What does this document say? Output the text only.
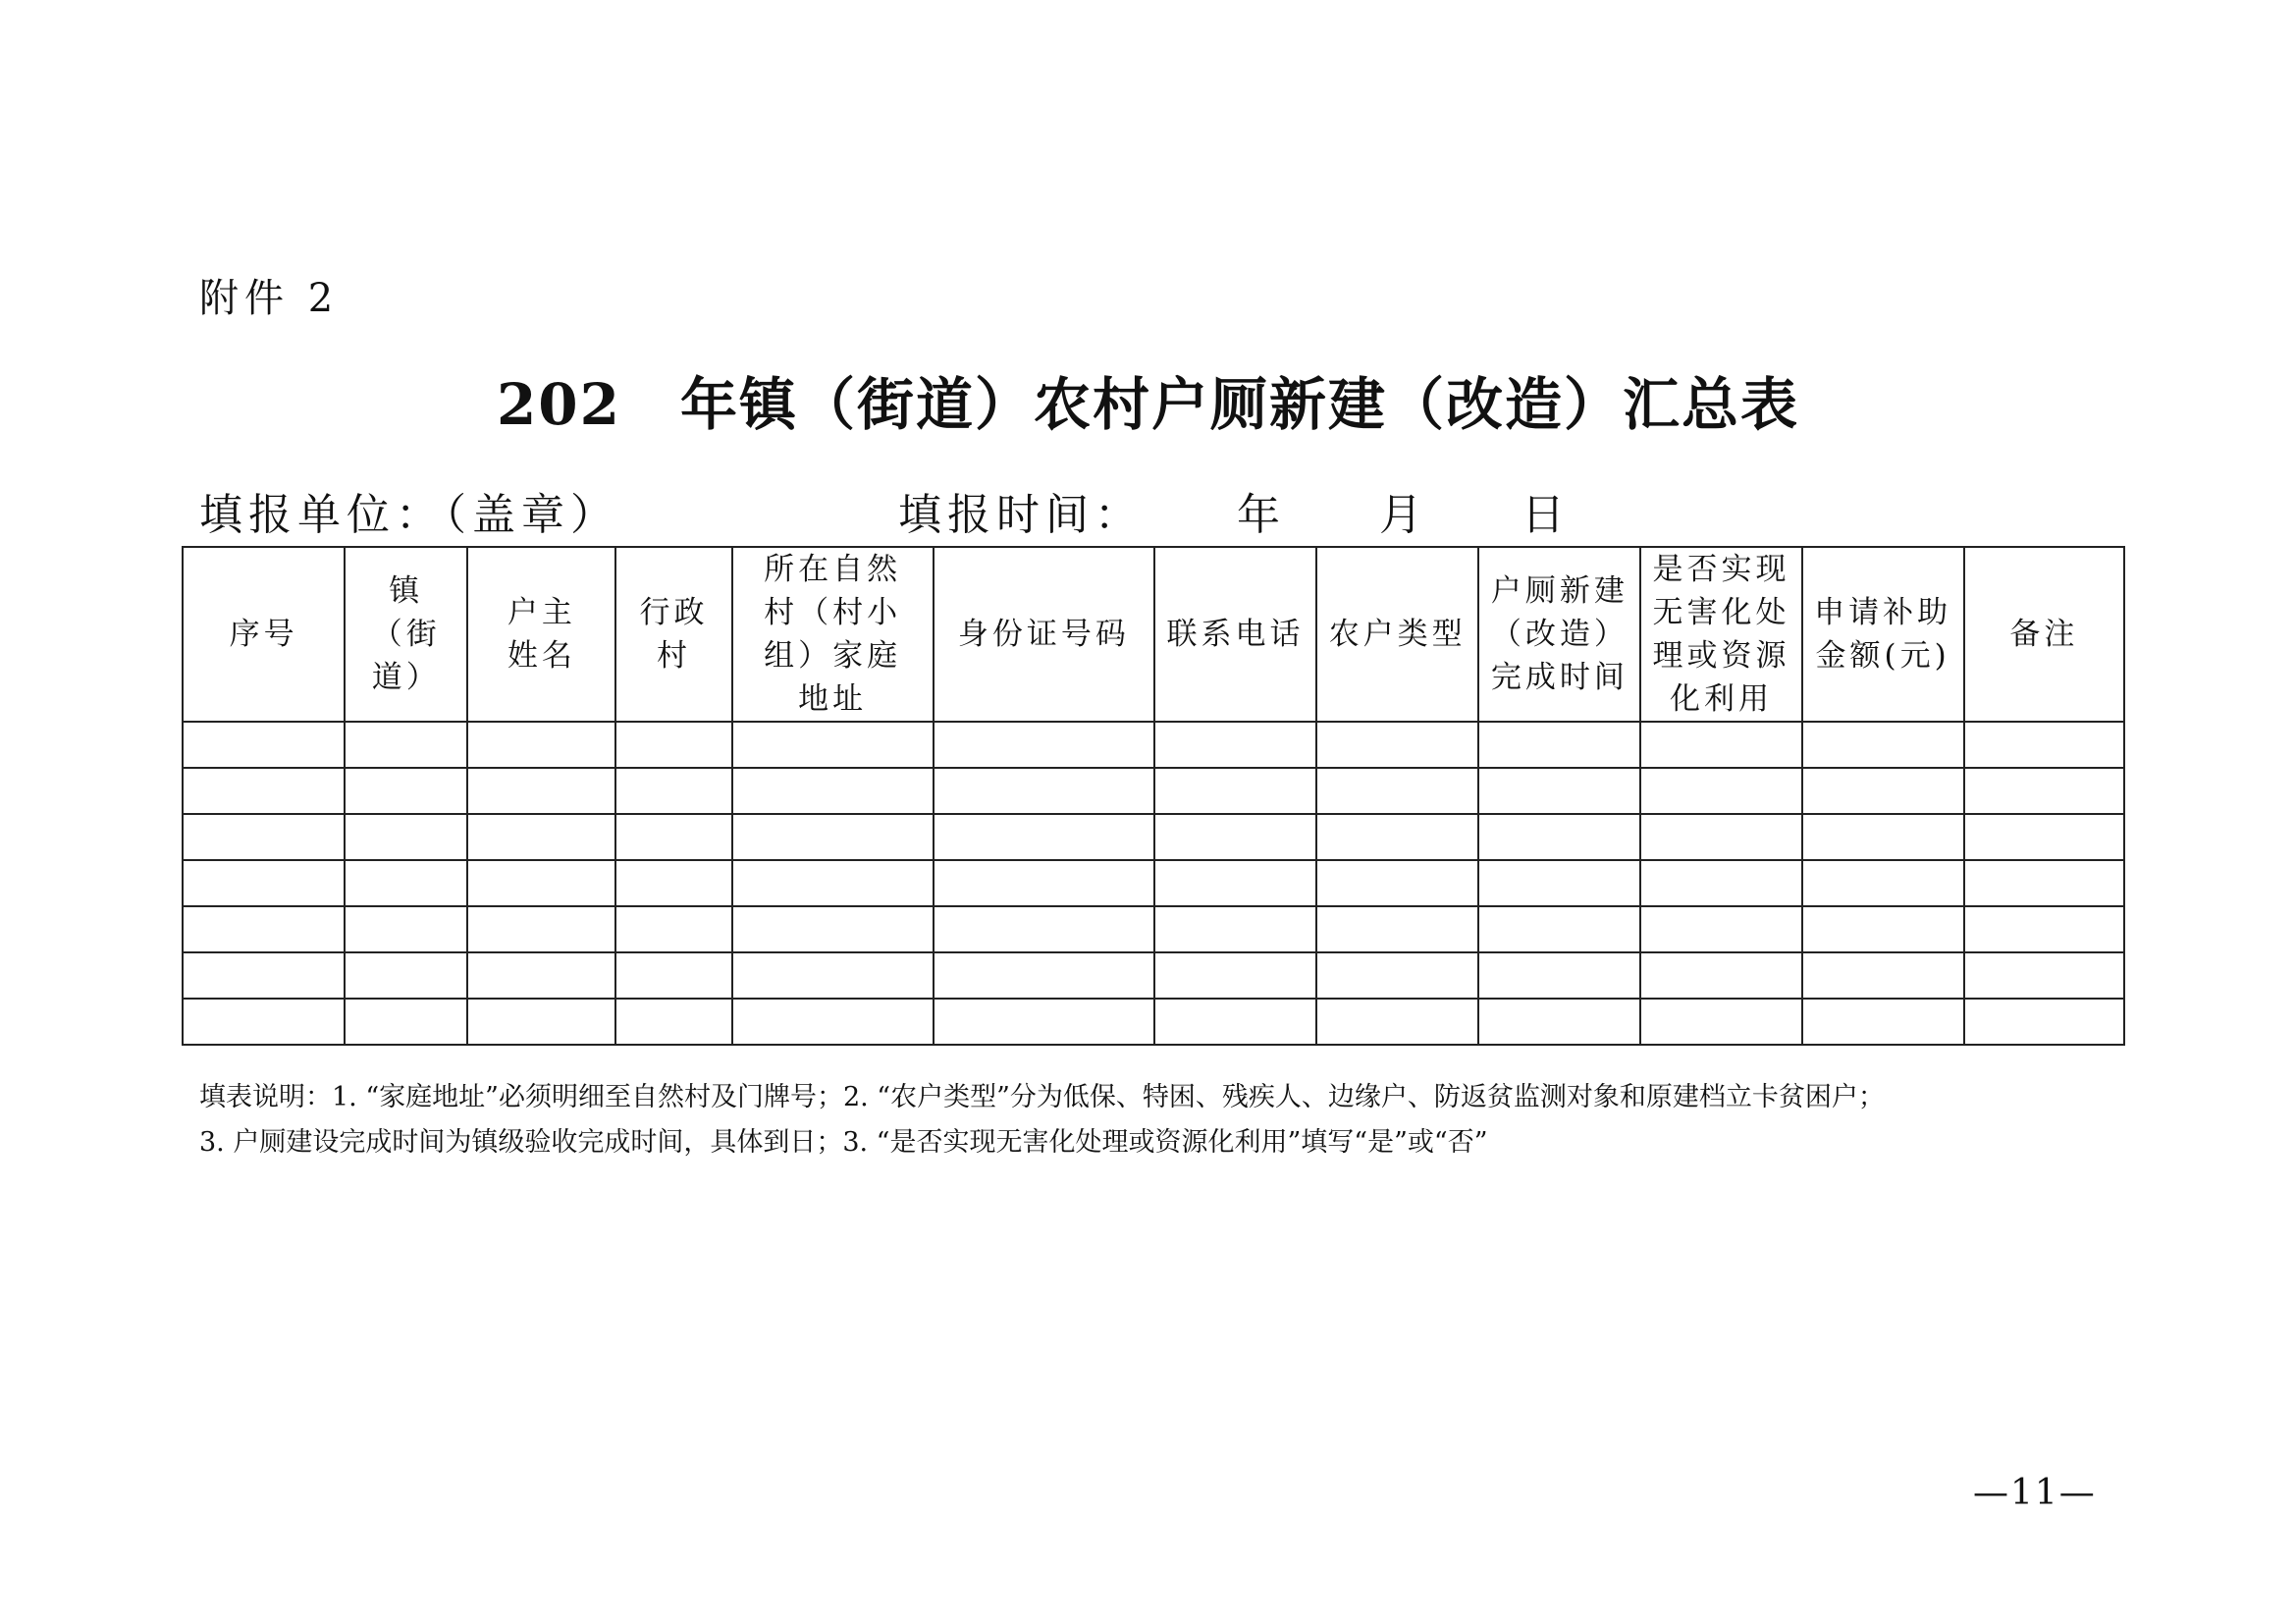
附件 2
202 年镇（街道）农村户厕新建（改造）汇总表
填报单位：（盖章）	填报时间： 年 月 日
序号	镇（街道）	户主姓名	行政村	所在自然村（村小组）家庭地址	身份证号码	联系电话	农户类型	户厕新建（改造）完成时间	是否实现无害化处理或资源化利用	申请补助金额(元)	备注

填表说明：1. “家庭地址”必须明细至自然村及门牌号；2. “农户类型”分为低保、特困、残疾人、边缘户、防返贫监测对象和原建档立卡贫困户；
3. 户厕建设完成时间为镇级验收完成时间，具体到日；3. “是否实现无害化处理或资源化利用”填写“是”或“否”
—11—
